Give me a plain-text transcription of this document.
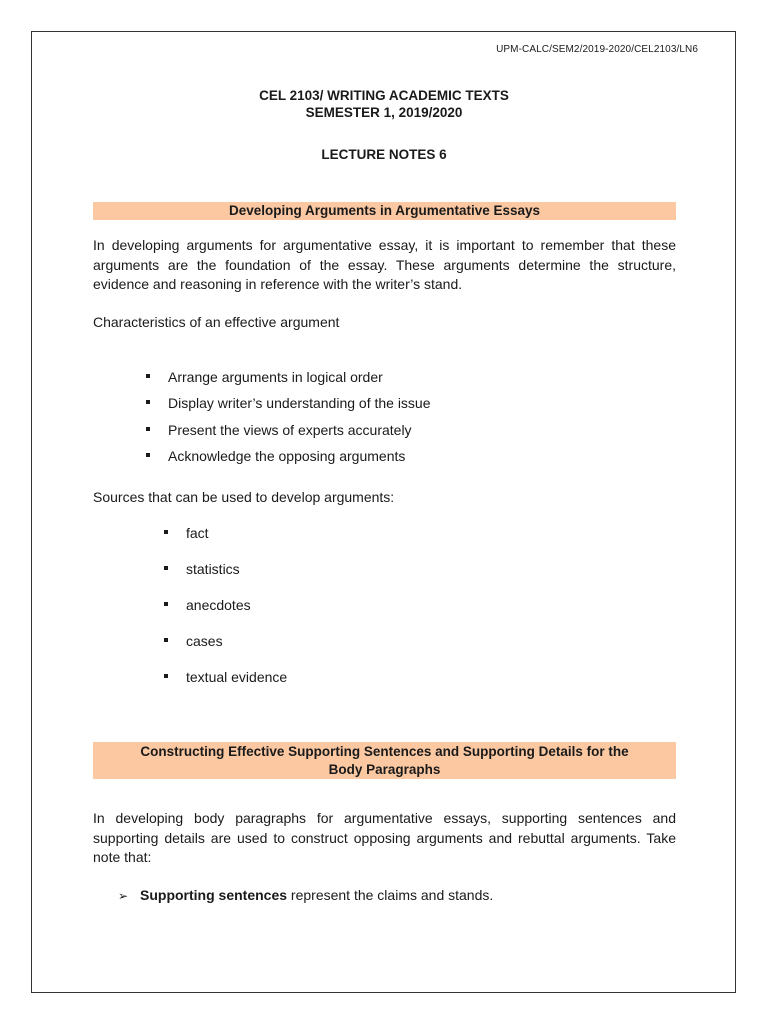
UPM-CALC/SEM2/2019-2020/CEL2103/LN6
CEL 2103/ WRITING ACADEMIC TEXTS
SEMESTER 1, 2019/2020
LECTURE NOTES 6
Developing Arguments in Argumentative Essays
In developing arguments for argumentative essay, it is important to remember that these arguments are the foundation of the essay. These arguments determine the structure, evidence and reasoning in reference with the writer’s stand.
Characteristics of an effective argument
Arrange arguments in logical order
Display writer’s understanding of the issue
Present the views of experts accurately
Acknowledge the opposing arguments
Sources that can be used to develop arguments:
fact
statistics
anecdotes
cases
textual evidence
Constructing Effective Supporting Sentences and Supporting Details for the
Body Paragraphs
In developing body paragraphs for argumentative essays, supporting sentences and supporting details are used to construct opposing arguments and rebuttal arguments. Take note that:
➢ Supporting sentences represent the claims and stands.
